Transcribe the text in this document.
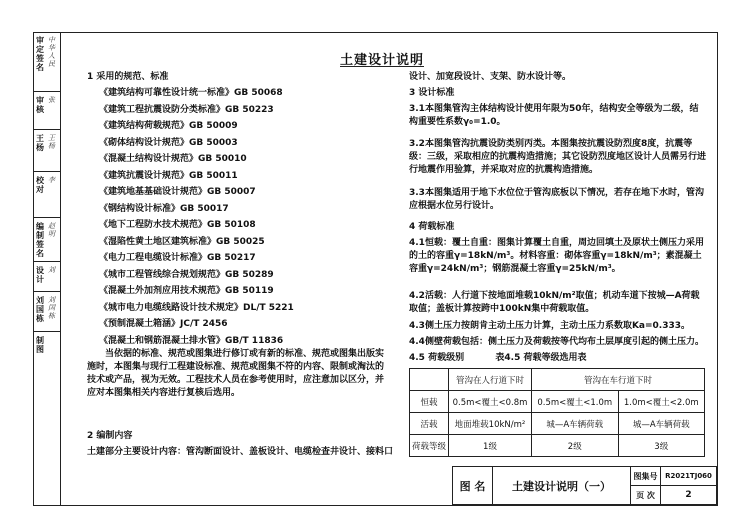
审定签名
中华人民
审 核
张
王 杨
王杨
校 对
李
编制签名
赵明
设 计
刘
刘国栋
刘国栋
制 图
土建设计说明
1 采用的规范、标准
《建筑结构可靠性设计统一标准》GB 50068
《建筑工程抗震设防分类标准》GB 50223
《建筑结构荷载规范》GB 50009
《砌体结构设计规范》GB 50003
《混凝土结构设计规范》GB 50010
《建筑抗震设计规范》GB 50011
《建筑地基基础设计规范》GB 50007
《钢结构设计标准》GB 50017
《地下工程防水技术规范》GB 50108
《湿陷性黄土地区建筑标准》GB 50025
《电力工程电缆设计标准》GB 50217
《城市工程管线综合规划规范》GB 50289
《混凝土外加剂应用技术规范》GB 50119
《城市电力电缆线路设计技术规定》DL/T 5221
《预制混凝土箱涵》JC/T 2456
《混凝土和钢筋混凝土排水管》GB/T 11836
当依据的标准、规范或图集进行修订或有新的标准、规范或图集出版实施时，本图集与现行工程建设标准、规范或图集不符的内容、限制或淘汰的技术或产品，视为无效。工程技术人员在参考使用时，应注意加以区分，并应对本图集相关内容进行复核后选用。
2 编制内容
土建部分主要设计内容：管沟断面设计、盖板设计、电缆检查井设计、接料口
设计、加宽段设计、支架、防水设计等。
3 设计标准
3.1本图集管沟主体结构设计使用年限为50年，结构安全等级为二级，结构重要性系数γ₀=1.0。
3.2本图集管沟抗震设防类别丙类。本图集按抗震设防烈度8度，抗震等级：三级，采取相应的抗震构造措施；其它设防烈度地区设计人员需另行进行地震作用验算，并采取对应的抗震构造措施。
3.3本图集适用于地下水位位于管沟底板以下情况，若存在地下水时，管沟应根据水位另行设计。
4 荷载标准
4.1恒载：覆土自重：图集计算覆土自重，周边回填土及原状土侧压力采用的土的容重γ=18kN/m³。材料容重：砌体容重γ=18kN/m³；素混凝土容重γ=24kN/m³；钢筋混凝土容重γ=25kN/m³。
4.2活载：人行道下按地面堆载10kN/m²取值；机动车道下按城—A荷载取值；盖板计算按跨中100kN集中荷载取值。
4.3侧土压力按朗肯主动土压力计算，主动土压力系数取Ka=0.333。
4.4侧壁荷载包括：侧土压力及荷载按等代均布土层厚度引起的侧土压力。
4.5 荷载级别          表4.5 荷载等级选用表
	管沟在人行道下时	管沟在车行道下时	
恒载	0.5m<覆土<0.8m	0.5m<覆土<1.0m	1.0m<覆土<2.0m
活载	地面堆载10kN/m²	城—A车辆荷载	城—A车辆荷载
荷载等级	1级	2级	3级
图 名	土建设计说明（一）
图集号	R2021TJ060
页 次	2
